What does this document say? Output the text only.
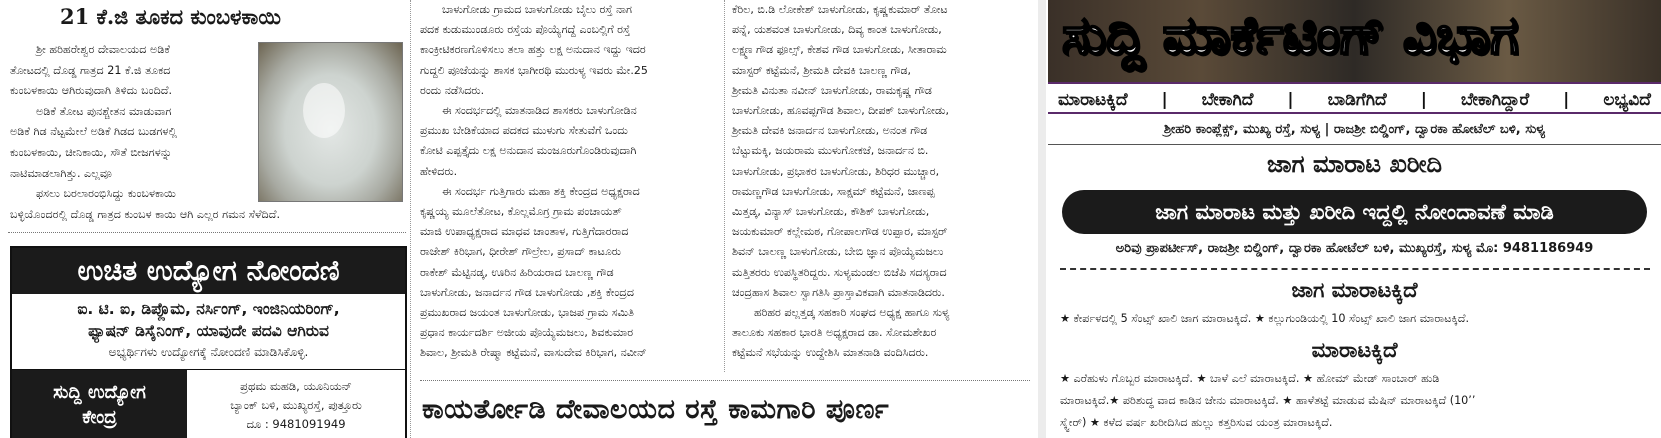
21 ಕೆ.ಜಿ ತೂಕದ ಕುಂಬಳಕಾಯಿ

ಶ್ರೀ ಹರಿಹರೇಶ್ವರ ದೇವಾಲಯದ ಅಡಿಕೆ

ತೋಟದಲ್ಲಿ ದೊಡ್ಡ ಗಾತ್ರದ 21 ಕೆ.ಜಿ ತೂಕದ

ಕುಂಬಳಕಾಯಿ ಆಗಿರುವುದಾಗಿ ತಿಳಿದು ಬಂದಿದೆ.

ಅಡಿಕೆ ತೋಟ ಪುನಶ್ಚೇತನ ಮಾಡುವಾಗ

ಅಡಿಕೆ ಗಿಡ ನೆಟ್ಟಮೇಲೆ ಅಡಿಕೆ ಗಿಡದ ಬುಡಗಳಲ್ಲಿ

ಕುಂಬಳಕಾಯಿ, ಚೀನಿಕಾಯಿ, ಸೌತೆ ಬೀಜಗಳನ್ನು

ನಾಟಿಮಾಡಲಾಗಿತ್ತು. ಎಲ್ಲವೂ

ಫಸಲು ಬರಲಾರಂಭಿಸಿದ್ದು ಕುಂಬಳಕಾಯಿ

ಬಳ್ಳಿಯೊಂದರಲ್ಲಿ ದೊಡ್ಡ ಗಾತ್ರದ ಕುಂಬಳ ಕಾಯಿ ಆಗಿ ಎಲ್ಲರ ಗಮನ ಸೆಳೆದಿದೆ.

ಉಚಿತ ಉದ್ಯೋಗ ನೋಂದಣಿ
ಐ. ಟಿ. ಐ, ಡಿಪ್ಲೊಮ, ನರ್ಸಿಂಗ್, ಇಂಜಿನಿಯರಿಂಗ್,
ಫ್ಯಾಷನ್ ಡಿಸೈನಿಂಗ್, ಯಾವುದೇ ಪದವಿ ಆಗಿರುವ
ಅಭ್ಯರ್ಥಿಗಳು ಉದ್ಯೋಗಕ್ಕೆ ನೋಂದಣಿ ಮಾಡಿಸಿಕೊಳ್ಳಿ.
ಸುದ್ದಿ ಉದ್ಯೋಗ
ಕೇಂದ್ರ
ಪ್ರಥಮ ಮಹಡಿ, ಯೂನಿಯನ್
ಬ್ಯಾಂಕ್ ಬಳಿ, ಮುಖ್ಯರಸ್ತೆ, ಪುತ್ತೂರು
ದೂ : 9481091949

ಬಾಳುಗೋಡು ಗ್ರಾಮದ ಬಾಳುಗೋಡು ಬೈಲು ರಸ್ತೆ ನಾಗ

ಪದಕ ಕುಡುಮುಂಡೂರು ರಸ್ತೆಯ ಪೊಯ್ಯೆಗದ್ದೆ ಎಂಬಲ್ಲಿಗೆ ರಸ್ತೆ

ಕಾಂಕ್ರೀಟಿಕರಣಗೊಳಿಸಲು ತಲಾ ಹತ್ತು ಲಕ್ಷ ಅನುದಾನ ಇದ್ದು ಇದರ

ಗುದ್ದಲಿ ಪೂಜೆಯನ್ನು ಶಾಸಕ ಭಾಗೀರಥಿ ಮುರುಳ್ಯ ಇವರು ಮೇ.25

ರಂದು ನಡೆಸಿದರು.

ಈ ಸಂದರ್ಭದಲ್ಲಿ ಮಾತನಾಡಿದ ಶಾಸಕರು ಬಾಳುಗೋಡಿನ

ಪ್ರಮುಖ ಬೇಡಿಕೆಯಾದ ಪದಕದ ಮುಳುಗು ಸೇತುವೆಗೆ ಒಂದು

ಕೋಟಿ ಎಪ್ಪತ್ತೈದು ಲಕ್ಷ ಅನುದಾನ ಮಂಜೂರುಗೊಂಡಿರುವುದಾಗಿ

ಹೇಳಿದರು.

ಈ ಸಂದರ್ಭ ಗುತ್ತಿಗಾರು ಮಹಾ ಶಕ್ತಿ ಕೇಂದ್ರದ ಅಧ್ಯಕ್ಷರಾದ

ಕೃಷ್ಣಯ್ಯ ಮೂಲೆತೋಟ, ಕೊಲ್ಲಮೊಗ್ರ ಗ್ರಾಮ ಪಂಚಾಯತ್

ಮಾಜಿ ಉಪಾಧ್ಯಕ್ಷರಾದ ಮಾಧವ ಚಾಂತಾಳ, ಗುತ್ತಿಗೆದಾರರಾದ

ರಾಜೇಶ್ ಕಿರಿಭಾಗ, ಧೀರೇಶ್ ಗೌಲ್ರೇಲ, ಪ್ರಸಾದ್ ಕಾಟೂರು

ರಾಕೇಶ್ ಮೆಟ್ಟಿನಡ್ಕ, ಊರಿನ ಹಿರಿಯರಾದ ಬಾಲಣ್ಣ ಗೌಡ

ಬಾಳುಗೋಡು, ಜನಾರ್ದನ ಗೌಡ ಬಾಳುಗೋಡು ,ಶಕ್ತಿ ಕೇಂದ್ರದ

ಪ್ರಮುಖರಾದ ಜಯಂತ ಬಾಳುಗೋಡು, ಭಾಜಪ ಗ್ರಾಮ ಸಮಿತಿ

ಪ್ರಧಾನ ಕಾರ್ಯದರ್ಶಿ ಅಜೀಯ ಪೊಯ್ಯೆಮಜಲು, ಶಿವಕುಮಾರ

ಶಿವಾಲ, ಶ್ರೀಮತಿ ರೇಷ್ಮಾ ಕಟ್ಟೆಮನೆ, ವಾಸುದೇವ ಕಿರಿಭಾಗ, ನವೀನ್

ಕೆರಿಲ, ಬಿ.ಡಿ ಲೋಕೇಶ್ ಬಾಳುಗೋಡು, ಕೃಷ್ಣಕುಮಾರ್ ತೋಟ

ಪನ್ನೆ, ಯಶವಂತ ಬಾಳುಗೋಡು, ದಿವ್ಯ ಕಾಂತ ಬಾಳುಗೋಡು,

ಲಕ್ಷ್ಮಣ ಗೌಡ ಫೂಲ್ಸ್, ಕೇಶವ ಗೌಡ ಬಾಳುಗೋಡು, ಸೀತಾರಾಮ

ಮಾಸ್ಟರ್ ಕಟ್ಟೆಮನೆ, ಶ್ರೀಮತಿ ದೇವಕಿ ಬಾಲಣ್ಣ ಗೌಡ,

ಶ್ರೀಮತಿ ವಿನುತಾ ನವೀನ್ ಬಾಳುಗೋಡು, ರಾಮಕೃಷ್ಣ ಗೌಡ

ಬಾಳುಗೋಡು, ಹೂವಪ್ಪಗೌಡ ಶಿವಾಲ, ದೀಪಕ್ ಬಾಳುಗೋಡು,

ಶ್ರೀಮತಿ ದೇವಕಿ ಜನಾರ್ದನ ಬಾಳುಗೋಡು, ಅನಂತ ಗೌಡ

ಬೆಟ್ಟುಮಕ್ಕಿ, ಜಯರಾಮ ಮುಳುಗೋಕಜೆ, ಜನಾರ್ದನ ಬಿ.

ಬಾಳುಗೋಡು, ಪ್ರಭಾಕರ ಬಾಳುಗೋಡು, ಶಿರಿಧರ ಮುಚ್ಚಾರ,

ರಾಮಣ್ಣಗೌಡ ಬಾಳುಗೋಡು, ಸಾಕ್ಷಮ್ ಕಟ್ಟೆಮನೆ, ಜಾಣಪ್ಪ

ಮಿತ್ತಡ್ಕ, ವಿನ್ಯಾಸ್ ಬಾಳುಗೋಡು, ಕೌಶಿಕ್ ಬಾಳುಗೋಡು,

ಜಯಕುಮಾರ್ ಕಲ್ಲೇಮಠ, ಗೋಪಾಲಗೌಡ ಉಪ್ಪಾರ, ಮಾಸ್ಟರ್

ಶಿವನ್ ಬಾಲಣ್ಣ ಬಾಳುಗೋಡು, ಬೇಬಿ ಜ್ಞಾನ ಪೊಯ್ಯೆಮಜಲು

ಮತ್ತಿತರರು ಉಪಸ್ಥಿತರಿದ್ದರು. ಸುಳ್ಯಮಂಡಲ ಬಿಜೆಪಿ ಸದಸ್ಯರಾದ

ಚಂದ್ರಹಾಸ ಶಿವಾಲ ಸ್ವಾಗತಿಸಿ ಪ್ರಾಸ್ತಾವಿಕವಾಗಿ ಮಾತನಾಡಿದರು.

ಹರಿಹರ ಪಲ್ಲತ್ತಡ್ಕ ಸಹಕಾರಿ ಸಂಘದ ಅಧ್ಯಕ್ಷ ಹಾಗೂ ಸುಳ್ಯ

ತಾಲೂಕು ಸಹಕಾರ ಭಾರತಿ ಅಧ್ಯಕ್ಷರಾದ ಡಾ. ಸೋಮಶೇಖರ

ಕಟ್ಟೆಮನೆ ಸಭೆಯನ್ನು ಉದ್ದೇಶಿಸಿ ಮಾತನಾಡಿ ವಂದಿಸಿದರು.

ಕಾಯರ್ತೋಡಿ ದೇವಾಲಯದ ರಸ್ತೆ ಕಾಮಗಾರಿ ಪೂರ್ಣ
ಸುದ್ದಿ ಮಾರ್ಕೆಟಿಂಗ್ ವಿಭಾಗ
ಮಾರಾಟಕ್ಕಿದೆ | ಬೇಕಾಗಿದೆ | ಬಾಡಿಗೆಗಿದೆ | ಬೇಕಾಗಿದ್ದಾರೆ | ಲಭ್ಯವಿದೆ
ಶ್ರೀಹರಿ ಕಾಂಪ್ಲೆಕ್ಸ್, ಮುಖ್ಯ ರಸ್ತೆ, ಸುಳ್ಯ | ರಾಜಶ್ರೀ ಬಿಲ್ಡಿಂಗ್, ದ್ವಾರಕಾ ಹೋಟೆಲ್ ಬಳಿ, ಸುಳ್ಯ
ಜಾಗ ಮಾರಾಟ ಖರೀದಿ
ಜಾಗ ಮಾರಾಟ ಮತ್ತು ಖರೀದಿ ಇದ್ದಲ್ಲಿ ನೋಂದಾವಣೆ ಮಾಡಿ
ಅರಿವು ಪ್ರಾಪರ್ಟೀಸ್, ರಾಜಶ್ರೀ ಬಿಲ್ಡಿಂಗ್, ದ್ವಾರಕಾ ಹೋಟೆಲ್ ಬಳಿ, ಮುಖ್ಯರಸ್ತೆ, ಸುಳ್ಯ ಮೊ: 9481186949
ಜಾಗ ಮಾರಾಟಕ್ಕಿದೆ
★ ಕೇರ್ಪಳದಲ್ಲಿ 5 ಸೆಂಟ್ಸ್ ಖಾಲಿ ಜಾಗ ಮಾರಾಟಕ್ಕಿದೆ. ★ ಕಲ್ಲುಗುಂಡಿಯಲ್ಲಿ 10 ಸೆಂಟ್ಸ್ ಖಾಲಿ ಜಾಗ ಮಾರಾಟಕ್ಕಿದೆ.
ಮಾರಾಟಕ್ಕಿದೆ
★ ಎರೆಹುಳು ಗೊಬ್ಬರ ಮಾರಾಟಕ್ಕಿದೆ. ★ ಬಾಳೆ ಎಲೆ ಮಾರಾಟಕ್ಕಿದೆ. ★ ಹೋಮ್ ಮೇಡ್ ಸಾಂಬಾರ್ ಹುಡಿ
ಮಾರಾಟಕ್ಕಿದೆ.★ ಪರಿಶುದ್ಧ ವಾದ ಕಾಡಿನ ಜೇನು ಮಾರಾಟಕ್ಕಿದೆ. ★ ಹಾಳೆತಟ್ಟೆ ಮಾಡುವ ಮೆಷಿನ್ ಮಾರಾಟಕ್ಕಿದೆ (10’’
ಸ್ಕ್ವೇರ್) ★ ಕಳೆದ ವರ್ಷ ಖರೀದಿಸಿದ ಹುಲ್ಲು ಕತ್ತರಿಸುವ ಯಂತ್ರ ಮಾರಾಟಕ್ಕಿದೆ.
